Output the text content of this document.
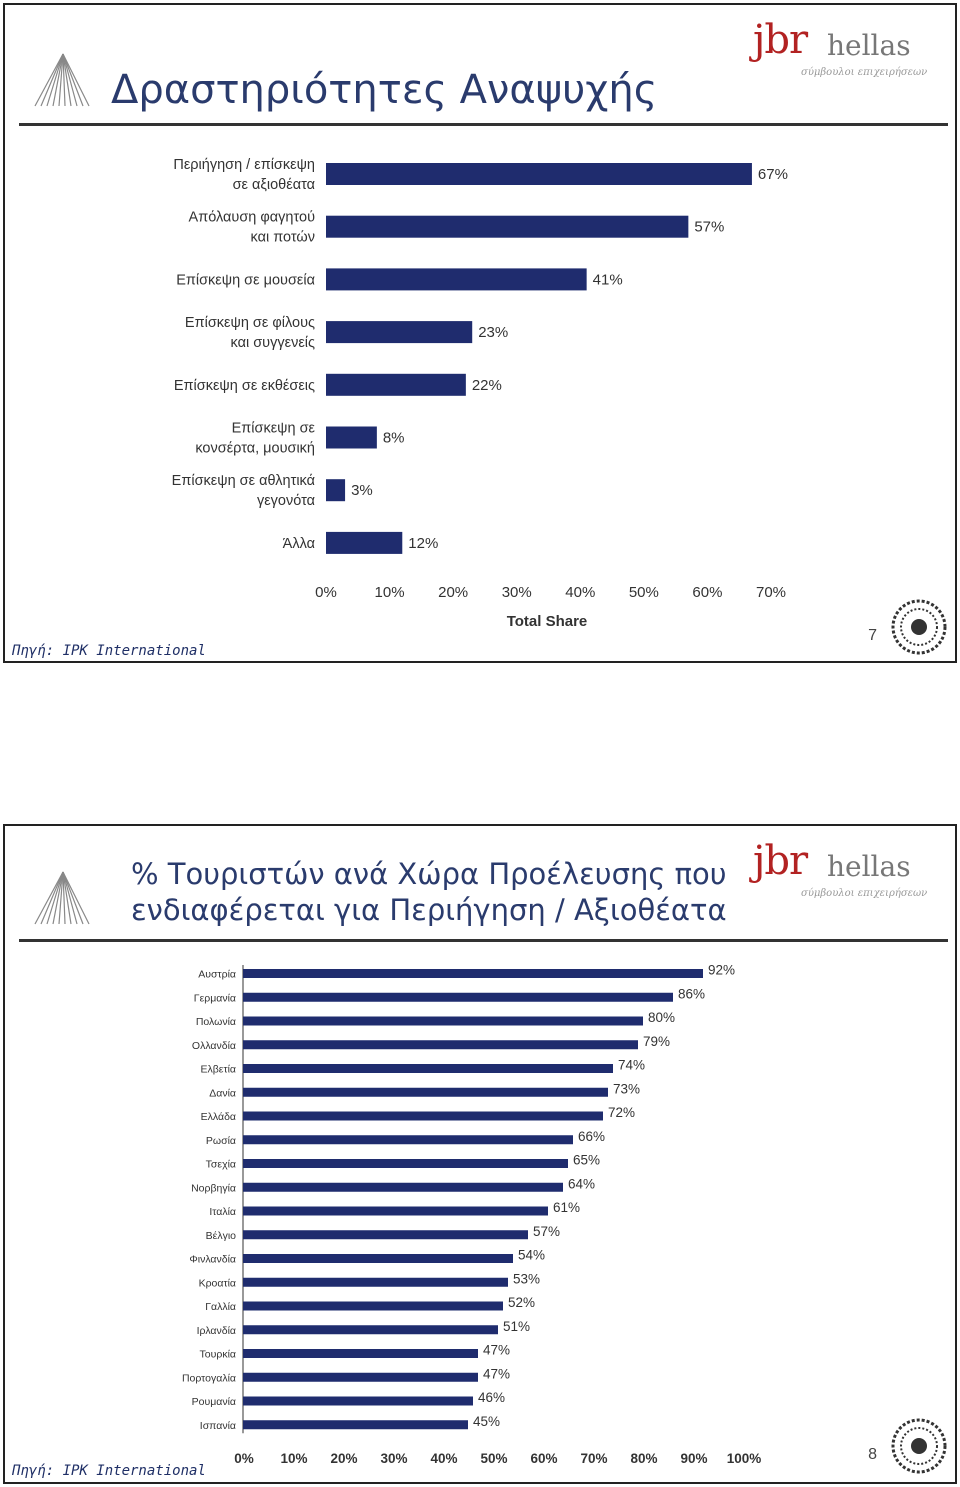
Δραστηριότητες Αναψυχής
jbr hellas
σύμβουλοι επιχειρήσεων
67%
Περιήγηση / επίσκεψη
σε αξιοθέατα
57%
Απόλαυση φαγητού
και ποτών
41%
Επίσκεψη σε μουσεία
23%
Επίσκεψη σε φίλους
και συγγενείς
22%
Επίσκεψη σε εκθέσεις
8%
Επίσκεψη σε
κονσέρτα, μουσική
3%
Επίσκεψη σε αθλητικά
γεγονότα
12%
Άλλα
0%	10% 20% 30% 40% 50% 60% 70%
Total Share
Πηγή: IPK International
7
% Τουριστών ανά Χώρα Προέλευσης που ενδιαφέρεται για Περιήγηση / Αξιοθέατα
jbr hellas
σύμβουλοι επιχειρήσεων
92%
Αυστρία
86%
Γερμανία
80%
Πολωνία
79%
Ολλανδία
74%
Ελβετία
73%
Δανία
72%
Ελλάδα
66%
Ρωσία
65%
Τσεχία
64%
Νορβηγία
61%
Ιταλία
57%
Βέλγιο
54%
Φινλανδία
53%
Κροατία
52%
Γαλλία
51%
Ιρλανδία
47%
Τουρκία
47%
Πορτογαλία
46%
Ρουμανία
45%
Ισπανία
0% 10% 20% 30% 40% 50% 60% 70% 80% 90% 100%
Πηγή: IPK International
8
